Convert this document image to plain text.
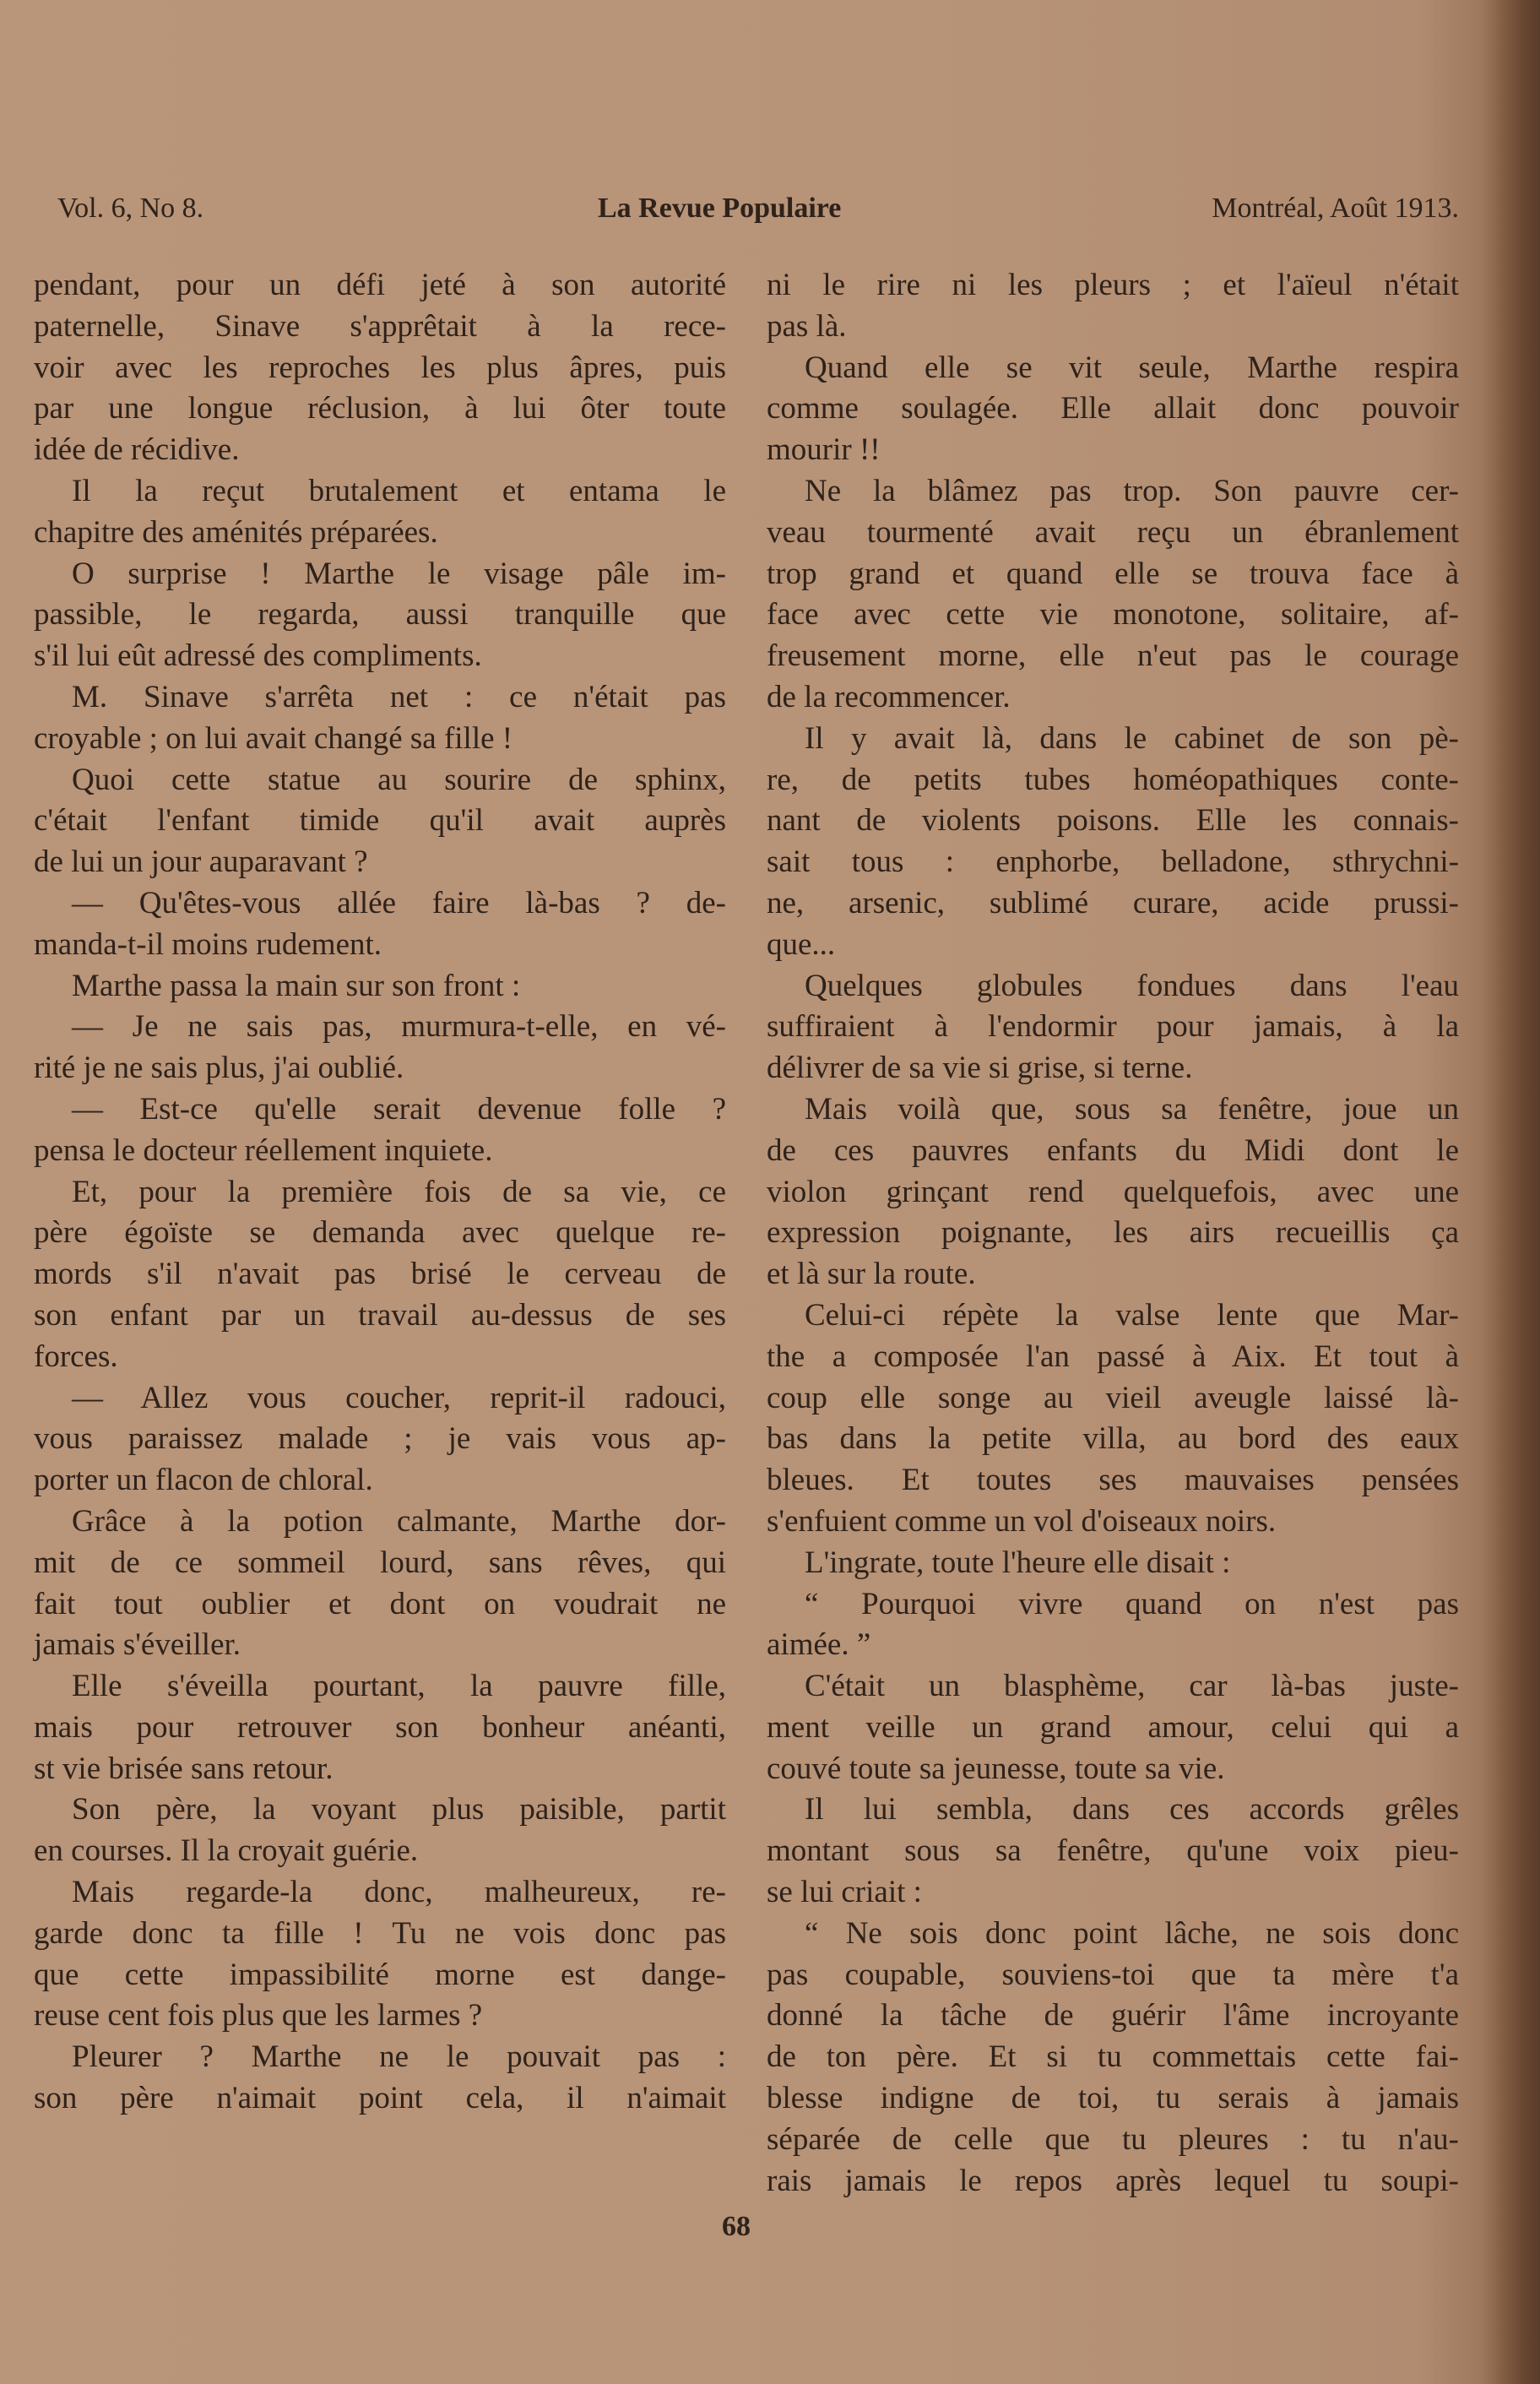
Vol. 6, No 8.	La Revue Populaire	Montréal, Août 1913.

pendant, pour un défi jeté à son autorité

paternelle, Sinave s'apprêtait à la rece-

voir avec les reproches les plus âpres, puis

par une longue réclusion, à lui ôter toute

idée de récidive.

Il la reçut brutalement et entama le

chapitre des aménités préparées.

O surprise ! Marthe le visage pâle im-

passible, le regarda, aussi tranquille que

s'il lui eût adressé des compliments.

M. Sinave s'arrêta net : ce n'était pas

croyable ; on lui avait changé sa fille !

Quoi cette statue au sourire de sphinx,

c'était l'enfant timide qu'il avait auprès

de lui un jour auparavant ?

— Qu'êtes-vous allée faire là-bas ? de-

manda-t-il moins rudement.

Marthe passa la main sur son front :

— Je ne sais pas, murmura-t-elle, en vé-

rité je ne sais plus, j'ai oublié.

— Est-ce qu'elle serait devenue folle ?

pensa le docteur réellement inquiete.

Et, pour la première fois de sa vie, ce

père égoïste se demanda avec quelque re-

mords s'il n'avait pas brisé le cerveau de

son enfant par un travail au-dessus de ses

forces.

— Allez vous coucher, reprit-il radouci,

vous paraissez malade ; je vais vous ap-

porter un flacon de chloral.

Grâce à la potion calmante, Marthe dor-

mit de ce sommeil lourd, sans rêves, qui

fait tout oublier et dont on voudrait ne

jamais s'éveiller.

Elle s'éveilla pourtant, la pauvre fille,

mais pour retrouver son bonheur anéanti,

st vie brisée sans retour.

Son père, la voyant plus paisible, partit

en courses. Il la croyait guérie.

Mais regarde-la donc, malheureux, re-

garde donc ta fille ! Tu ne vois donc pas

que cette impassibilité morne est dange-

reuse cent fois plus que les larmes ?

Pleurer ? Marthe ne le pouvait pas :

son père n'aimait point cela, il n'aimait

ni le rire ni les pleurs ; et l'aïeul n'était

pas là.

Quand elle se vit seule, Marthe respira

comme soulagée. Elle allait donc pouvoir

mourir !!

Ne la blâmez pas trop. Son pauvre cer-

veau tourmenté avait reçu un ébranlement

trop grand et quand elle se trouva face à

face avec cette vie monotone, solitaire, af-

freusement morne, elle n'eut pas le courage

de la recommencer.

Il y avait là, dans le cabinet de son pè-

re, de petits tubes homéopathiques conte-

nant de violents poisons. Elle les connais-

sait tous : enphorbe, belladone, sthrychni-

ne, arsenic, sublimé curare, acide prussi-

que...

Quelques globules fondues dans l'eau

suffiraient à l'endormir pour jamais, à la

délivrer de sa vie si grise, si terne.

Mais voilà que, sous sa fenêtre, joue un

de ces pauvres enfants du Midi dont le

violon grinçant rend quelquefois, avec une

expression poignante, les airs recueillis ça

et là sur la route.

Celui-ci répète la valse lente que Mar-

the a composée l'an passé à Aix. Et tout à

coup elle songe au vieil aveugle laissé là-

bas dans la petite villa, au bord des eaux

bleues. Et toutes ses mauvaises pensées

s'enfuient comme un vol d'oiseaux noirs.

L'ingrate, toute l'heure elle disait :

“ Pourquoi vivre quand on n'est pas

aimée. ”

C'était un blasphème, car là-bas juste-

ment veille un grand amour, celui qui a

couvé toute sa jeunesse, toute sa vie.

Il lui sembla, dans ces accords grêles

montant sous sa fenêtre, qu'une voix pieu-

se lui criait :

“ Ne sois donc point lâche, ne sois donc

pas coupable, souviens-toi que ta mère t'a

donné la tâche de guérir l'âme incroyante

de ton père. Et si tu commettais cette fai-

blesse indigne de toi, tu serais à jamais

séparée de celle que tu pleures : tu n'au-

rais jamais le repos après lequel tu soupi-

68
